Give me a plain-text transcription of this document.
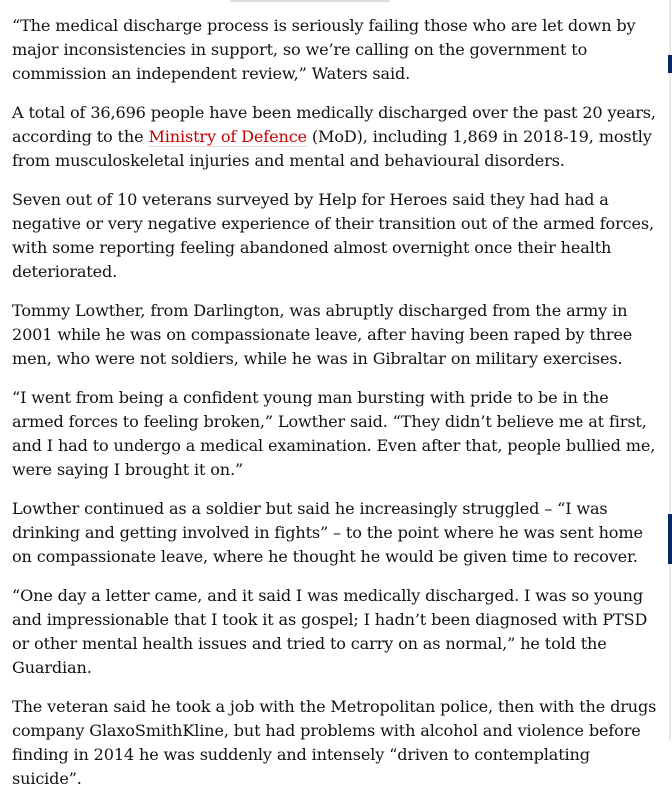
“The medical discharge process is seriously failing those who are let down by major inconsistencies in support, so we’re calling on the government to commission an independent review,” Waters said.

A total of 36,696 people have been medically discharged over the past 20 years, according to the Ministry of Defence (MoD), including 1,869 in 2018-19, mostly from musculoskeletal injuries and mental and behavioural disorders.

Seven out of 10 veterans surveyed by Help for Heroes said they had had a negative or very negative experience of their transition out of the armed forces, with some reporting feeling abandoned almost overnight once their health deteriorated.

Tommy Lowther, from Darlington, was abruptly discharged from the army in 2001 while he was on compassionate leave, after having been raped by three men, who were not soldiers, while he was in Gibraltar on military exercises.

“I went from being a confident young man bursting with pride to be in the armed forces to feeling broken,” Lowther said. “They didn’t believe me at first, and I had to undergo a medical examination. Even after that, people bullied me, were saying I brought it on.”

Lowther continued as a soldier but said he increasingly struggled – “I was drinking and getting involved in fights” – to the point where he was sent home on compassionate leave, where he thought he would be given time to recover.

“One day a letter came, and it said I was medically discharged. I was so young and impressionable that I took it as gospel; I hadn’t been diagnosed with PTSD or other mental health issues and tried to carry on as normal,” he told the Guardian.

The veteran said he took a job with the Metropolitan police, then with the drugs company GlaxoSmithKline, but had problems with alcohol and violence before finding in 2014 he was suddenly and intensely “driven to contemplating suicide”.
